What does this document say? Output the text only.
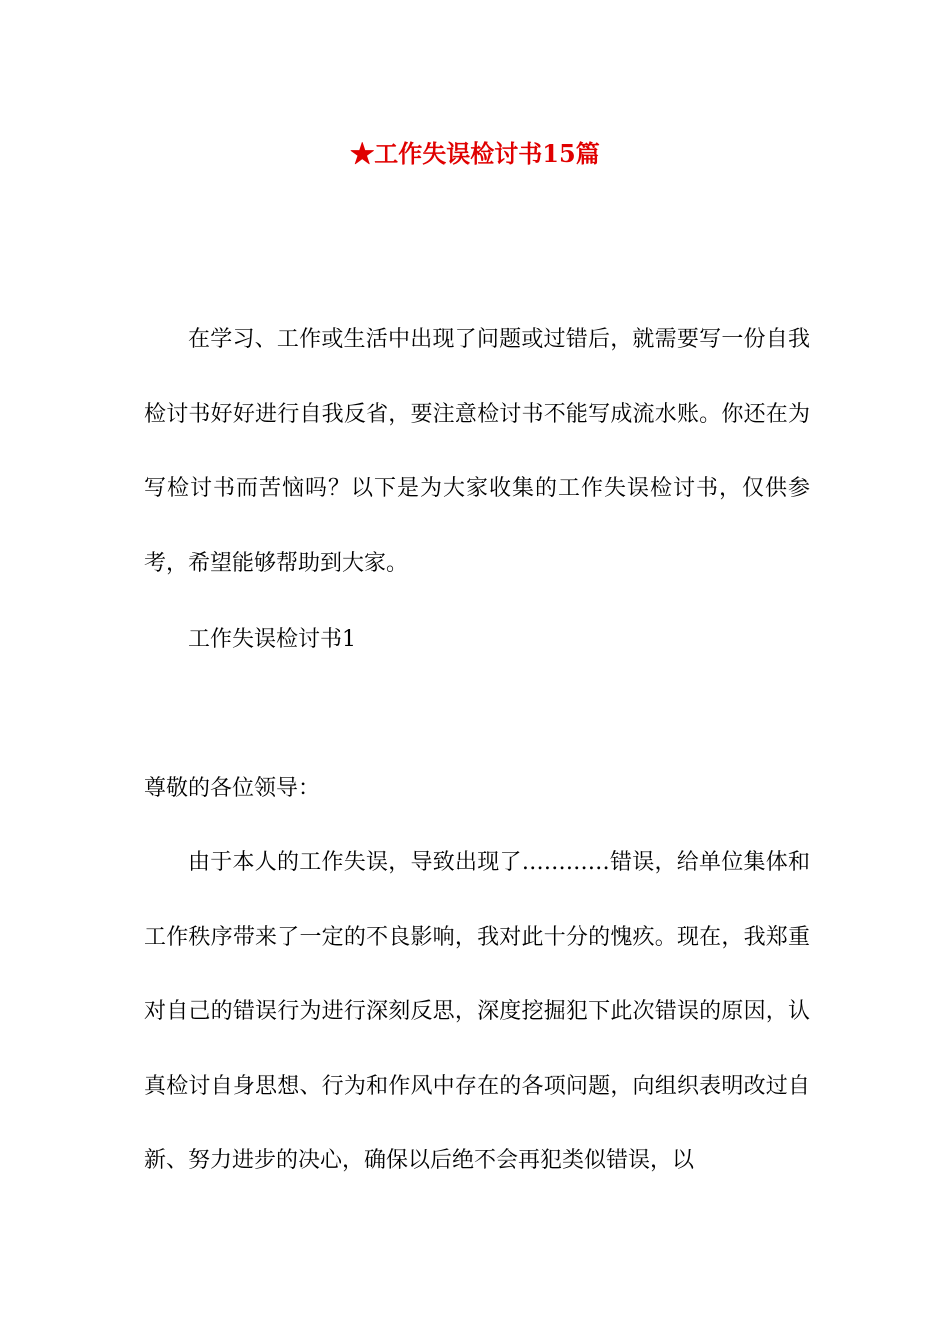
★工作失误检讨书15篇

在学习、工作或生活中出现了问题或过错后，就需要写一份自我检讨书好好进行自我反省，要注意检讨书不能写成流水账。你还在为写检讨书而苦恼吗？以下是为大家收集的工作失误检讨书，仅供参考，希望能够帮助到大家。

工作失误检讨书1

尊敬的各位领导：

由于本人的工作失误，导致出现了…………错误，给单位集体和工作秩序带来了一定的不良影响，我对此十分的愧疚。现在，我郑重对自己的错误行为进行深刻反思，深度挖掘犯下此次错误的原因，认真检讨自身思想、行为和作风中存在的各项问题，向组织表明改过自新、努力进步的决心，确保以后绝不会再犯类似错误，以
